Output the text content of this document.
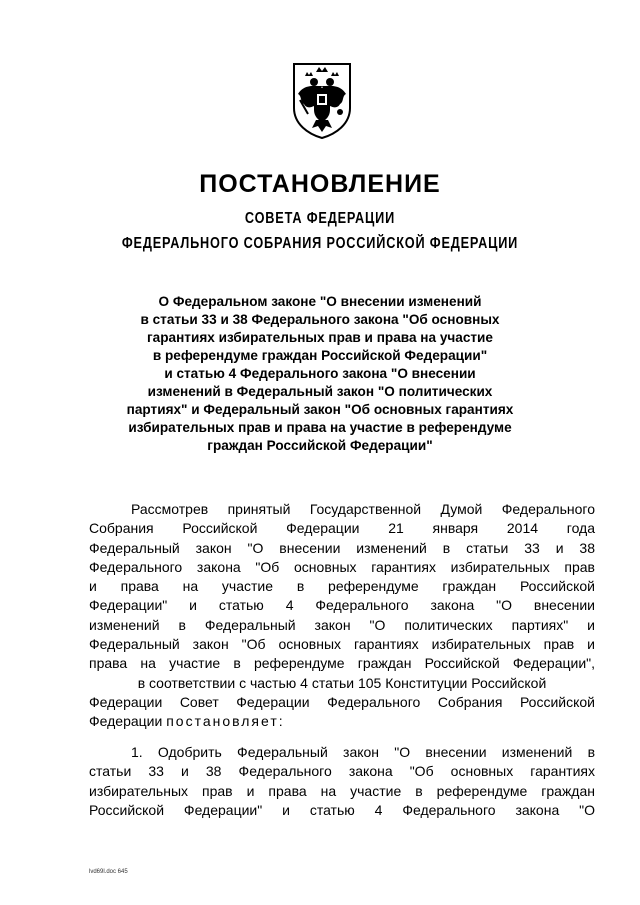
ПОСТАНОВЛЕНИЕ
СОВЕТА ФЕДЕРАЦИИ
ФЕДЕРАЛЬНОГО СОБРАНИЯ РОССИЙСКОЙ ФЕДЕРАЦИИ
О Федеральном законе "О внесении изменений
в статьи 33 и 38 Федерального закона "Об основных
гарантиях избирательных прав и права на участие
в референдуме граждан Российской Федерации"
и статью 4 Федерального закона "О внесении
изменений в Федеральный закон "О политических
партиях" и Федеральный закон "Об основных гарантиях
избирательных прав и права на участие в референдуме
граждан Российской Федерации"
Рассмотрев принятый Государственной Думой Федерального
Собрания Российской Федерации 21 января 2014 года
Федеральный закон "О внесении изменений в статьи 33 и 38
Федерального закона "Об основных гарантиях избирательных прав
и права на участие в референдуме граждан Российской
Федерации" и статью 4 Федерального закона "О внесении
изменений в Федеральный закон "О политических партиях" и
Федеральный закон "Об основных гарантиях избирательных прав и
права на участие в референдуме граждан Российской Федерации",
в соответствии с частью 4 статьи 105 Конституции Российской
Федерации Совет Федерации Федерального Собрания Российской
Федерации постановляет:
1. Одобрить Федеральный закон "О внесении изменений в
статьи 33 и 38 Федерального закона "Об основных гарантиях
избирательных прав и права на участие в референдуме граждан
Российской Федерации" и статью 4 Федерального закона "О
lvd69l.doc 645
